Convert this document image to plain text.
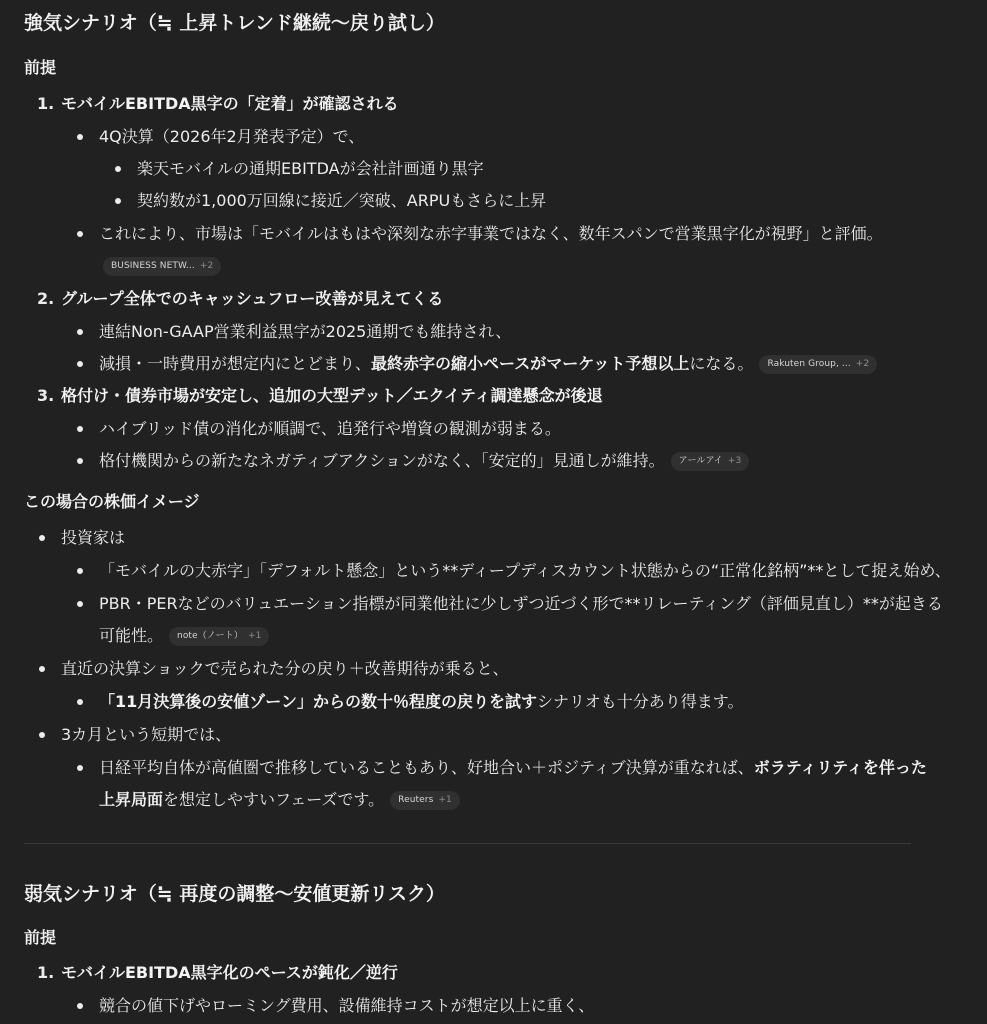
強気シナリオ（≒ 上昇トレンド継続～戻り試し）
前提
1. モバイルEBITDA黒字の「定着」が確認される
4Q決算（2026年2月発表予定）で、
楽天モバイルの通期EBITDAが会社計画通り黒字
契約数が1,000万回線に接近／突破、ARPUもさらに上昇
これにより、市場は「モバイルはもはや深刻な赤字事業ではなく、数年スパンで営業黒字化が視野」と評価。
BUSINESS NETW... +2
2. グループ全体でのキャッシュフロー改善が見えてくる
連結Non-GAAP営業利益黒字が2025通期でも維持され、
減損・一時費用が想定内にとどまり、最終赤字の縮小ペースがマーケット予想以上になる。 Rakuten Group, ... +2
3. 格付け・債券市場が安定し、追加の大型デット／エクイティ調達懸念が後退
ハイブリッド債の消化が順調で、追発行や増資の観測が弱まる。
格付機関からの新たなネガティブアクションがなく、「安定的」見通しが維持。 アールアイ +3
この場合の株価イメージ
投資家は
「モバイルの大赤字」「デフォルト懸念」という**ディープディスカウント状態からの“正常化銘柄”**として捉え始め、
PBR・PERなどのバリュエーション指標が同業他社に少しずつ近づく形で**リレーティング（評価見直し）**が起きる
可能性。 note（ノート） +1
直近の決算ショックで売られた分の戻り＋改善期待が乗ると、
「11月決算後の安値ゾーン」からの数十％程度の戻りを試すシナリオも十分あり得ます。
3カ月という短期では、
日経平均自体が高値圏で推移していることもあり、好地合い＋ポジティブ決算が重なれば、ボラティリティを伴った
上昇局面を想定しやすいフェーズです。 Reuters +1
弱気シナリオ（≒ 再度の調整～安値更新リスク）
前提
1. モバイルEBITDA黒字化のペースが鈍化／逆行
競合の値下げやローミング費用、設備維持コストが想定以上に重く、
